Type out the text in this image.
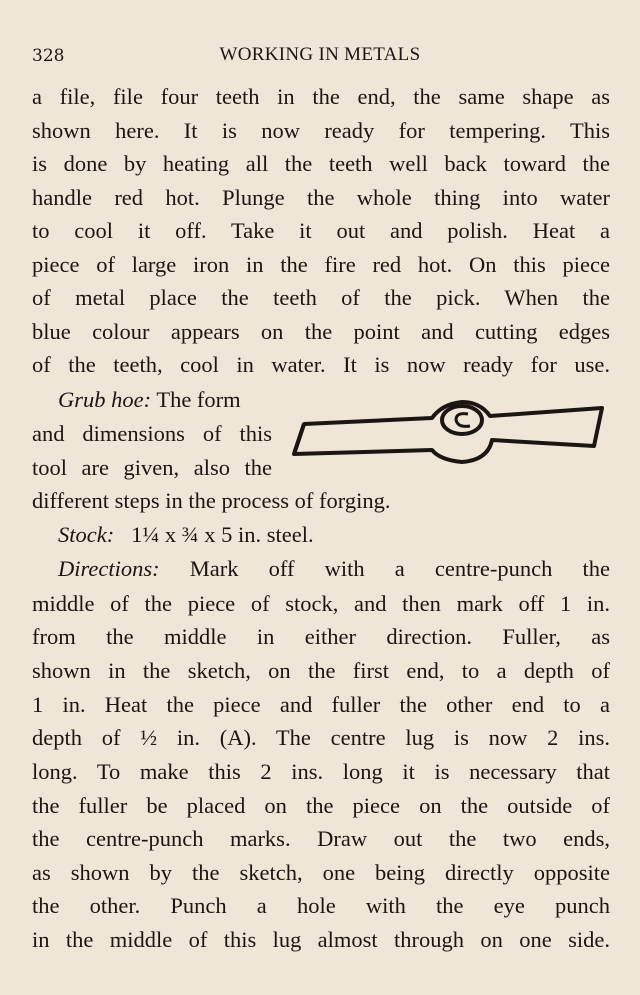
328	WORKING IN METALS
a file, file four teeth in the end, the same shape as
shown here. It is now ready for tempering. This
is done by heating all the teeth well back toward the
handle red hot. Plunge the whole thing into water
to cool it off. Take it out and polish. Heat a
piece of large iron in the fire red hot. On this piece
of metal place the teeth of the pick. When the
blue colour appears on the point and cutting edges
of the teeth, cool in water. It is now ready for use.
Grub hoe: The form
and dimensions of this
tool are given, also the
different steps in the process of forging.
Stock: 1¼ x ¾ x 5 in. steel.
Directions: Mark off with a centre-punch the
middle of the piece of stock, and then mark off 1 in.
from the middle in either direction. Fuller, as
shown in the sketch, on the first end, to a depth of
1 in. Heat the piece and fuller the other end to a
depth of ½ in. (A). The centre lug is now 2 ins.
long. To make this 2 ins. long it is necessary that
the fuller be placed on the piece on the outside of
the centre-punch marks. Draw out the two ends,
as shown by the sketch, one being directly opposite
the other. Punch a hole with the eye punch
in the middle of this lug almost through on one side.
